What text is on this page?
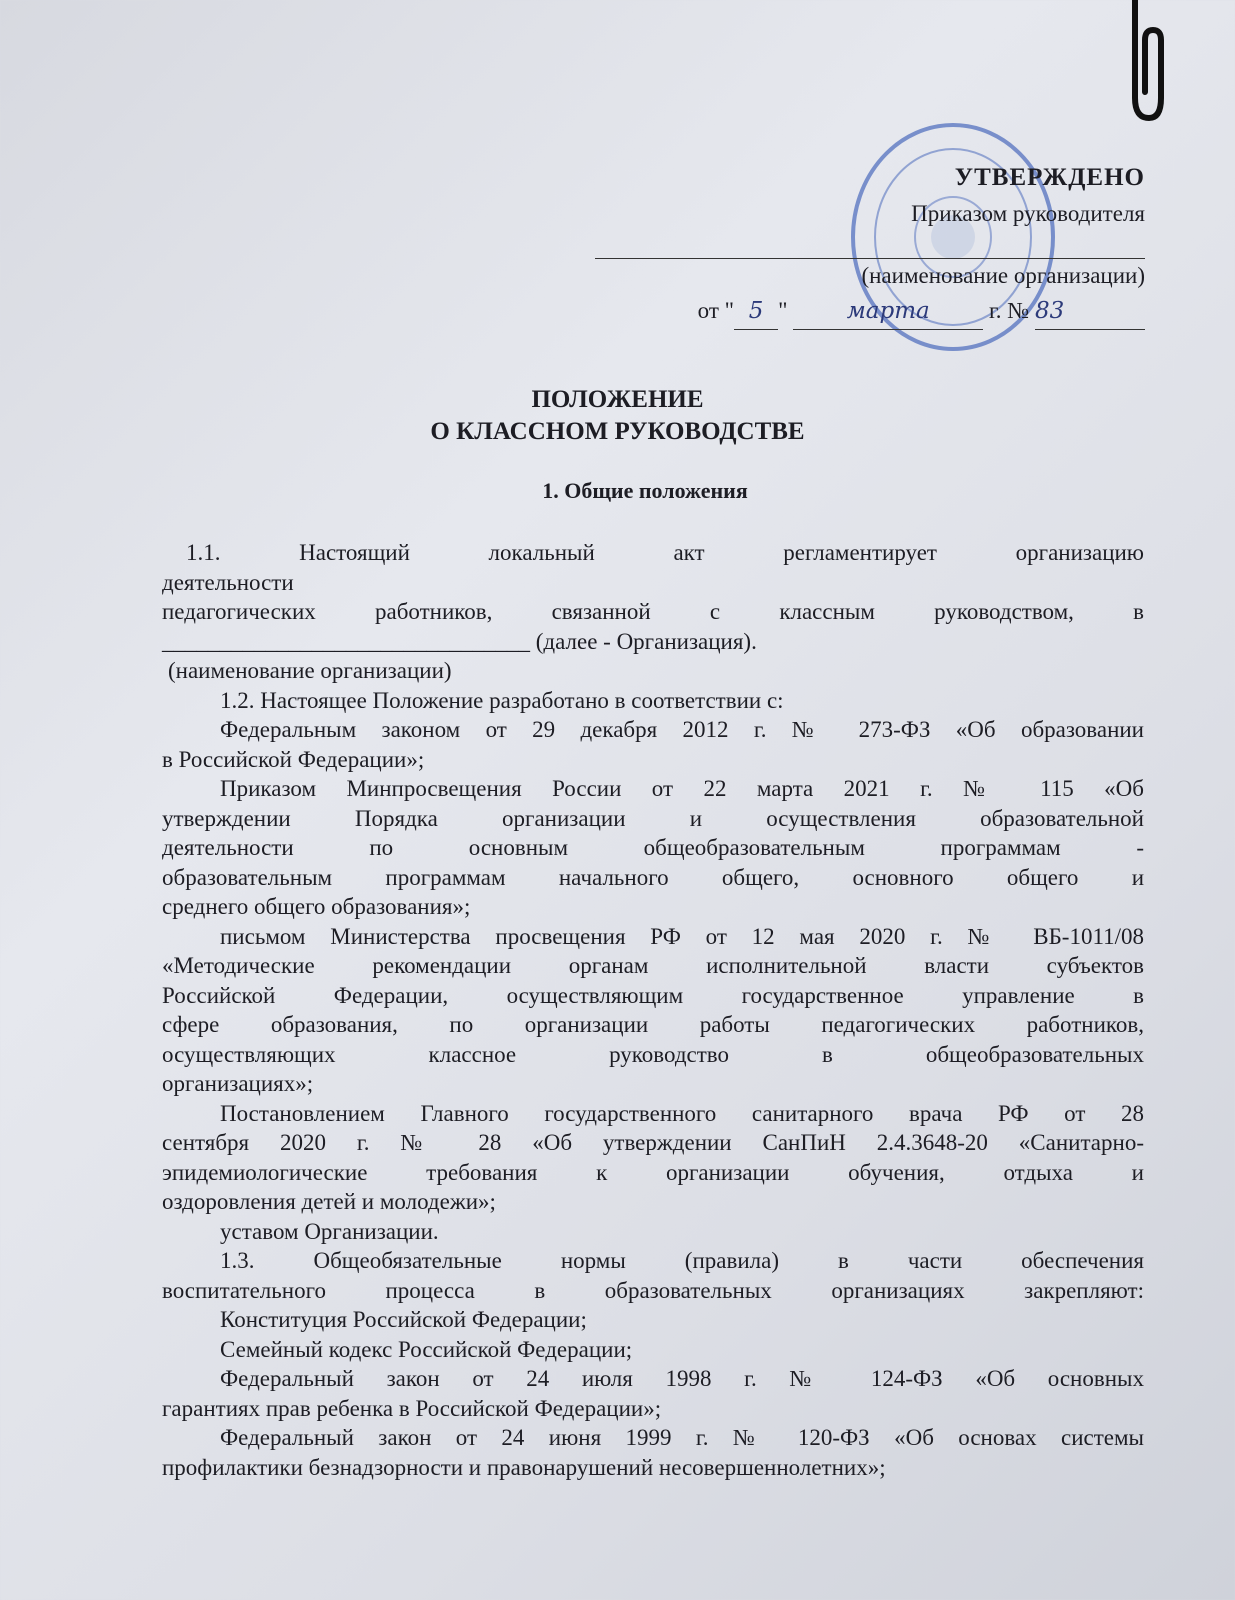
УТВЕРЖДЕНО
Приказом руководителя
(наименование организации)
от " 5 "	марта	г. № 83
ПОЛОЖЕНИЕ
О КЛАССНОМ РУКОВОДСТВЕ
1. Общие положения
1.1. Настоящий локальный акт регламентирует организацию
деятельности
педагогических работников, связанной с классным руководством, в
________________________________ (далее - Организация).
(наименование организации)
1.2. Настоящее Положение разработано в соответствии с:
Федеральным законом от 29 декабря 2012 г. № 273-ФЗ «Об образовании
в Российской Федерации»;
Приказом Минпросвещения России от 22 марта 2021 г. № 115 «Об
утверждении Порядка организации и осуществления образовательной
деятельности по основным общеобразовательным программам -
образовательным программам начального общего, основного общего и
среднего общего образования»;
письмом Министерства просвещения РФ от 12 мая 2020 г. № ВБ-1011/08
«Методические рекомендации органам исполнительной власти субъектов
Российской Федерации, осуществляющим государственное управление в
сфере образования, по организации работы педагогических работников,
осуществляющих классное руководство в общеобразовательных
организациях»;
Постановлением Главного государственного санитарного врача РФ от 28
сентября 2020 г. № 28 «Об утверждении СанПиН 2.4.3648-20 «Санитарно-
эпидемиологические требования к организации обучения, отдыха и
оздоровления детей и молодежи»;
уставом Организации.
1.3. Общеобязательные нормы (правила) в части обеспечения
воспитательного процесса в образовательных организациях закрепляют:
Конституция Российской Федерации;
Семейный кодекс Российской Федерации;
Федеральный закон от 24 июля 1998 г. № 124-ФЗ «Об основных
гарантиях прав ребенка в Российской Федерации»;
Федеральный закон от 24 июня 1999 г. № 120-ФЗ «Об основах системы
профилактики безнадзорности и правонарушений несовершеннолетних»;
